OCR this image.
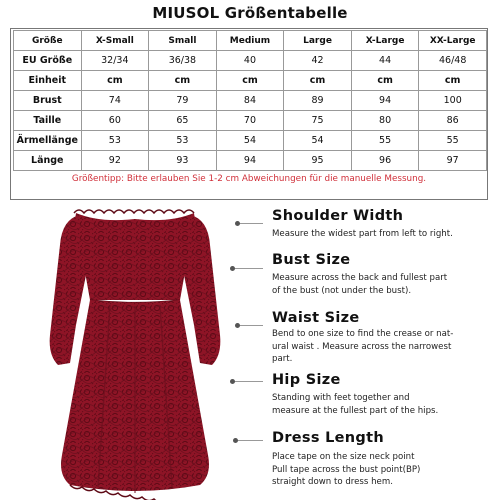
MIUSOL Größentabelle
Größe	X-Small	Small	Medium	Large	X-Large	XX-Large
EU Größe	32/34	36/38	40	42	44	46/48
Einheit	cm	cm	cm	cm	cm	cm
Brust	74	79	84	89	94	100
Taille	60	65	70	75	80	86
Ärmellänge	53	53	54	54	55	55
Länge	92	93	94	95	96	97
Größentipp: Bitte erlauben Sie 1-2 cm Abweichungen für die manuelle Messung.
Shoulder Width
Measure the widest part from left to right.
Bust Size
Measure across the back and fullest part
of the bust (not under the bust).
Waist Size
Bend to one size to find the crease or nat-
ural waist . Measure across the narrowest
part.
Hip Size
Standing with feet together and
measure at the fullest part of the hips.
Dress Length
Place tape on the size neck point
Pull tape across the bust point(BP)
straight down to dress hem.
